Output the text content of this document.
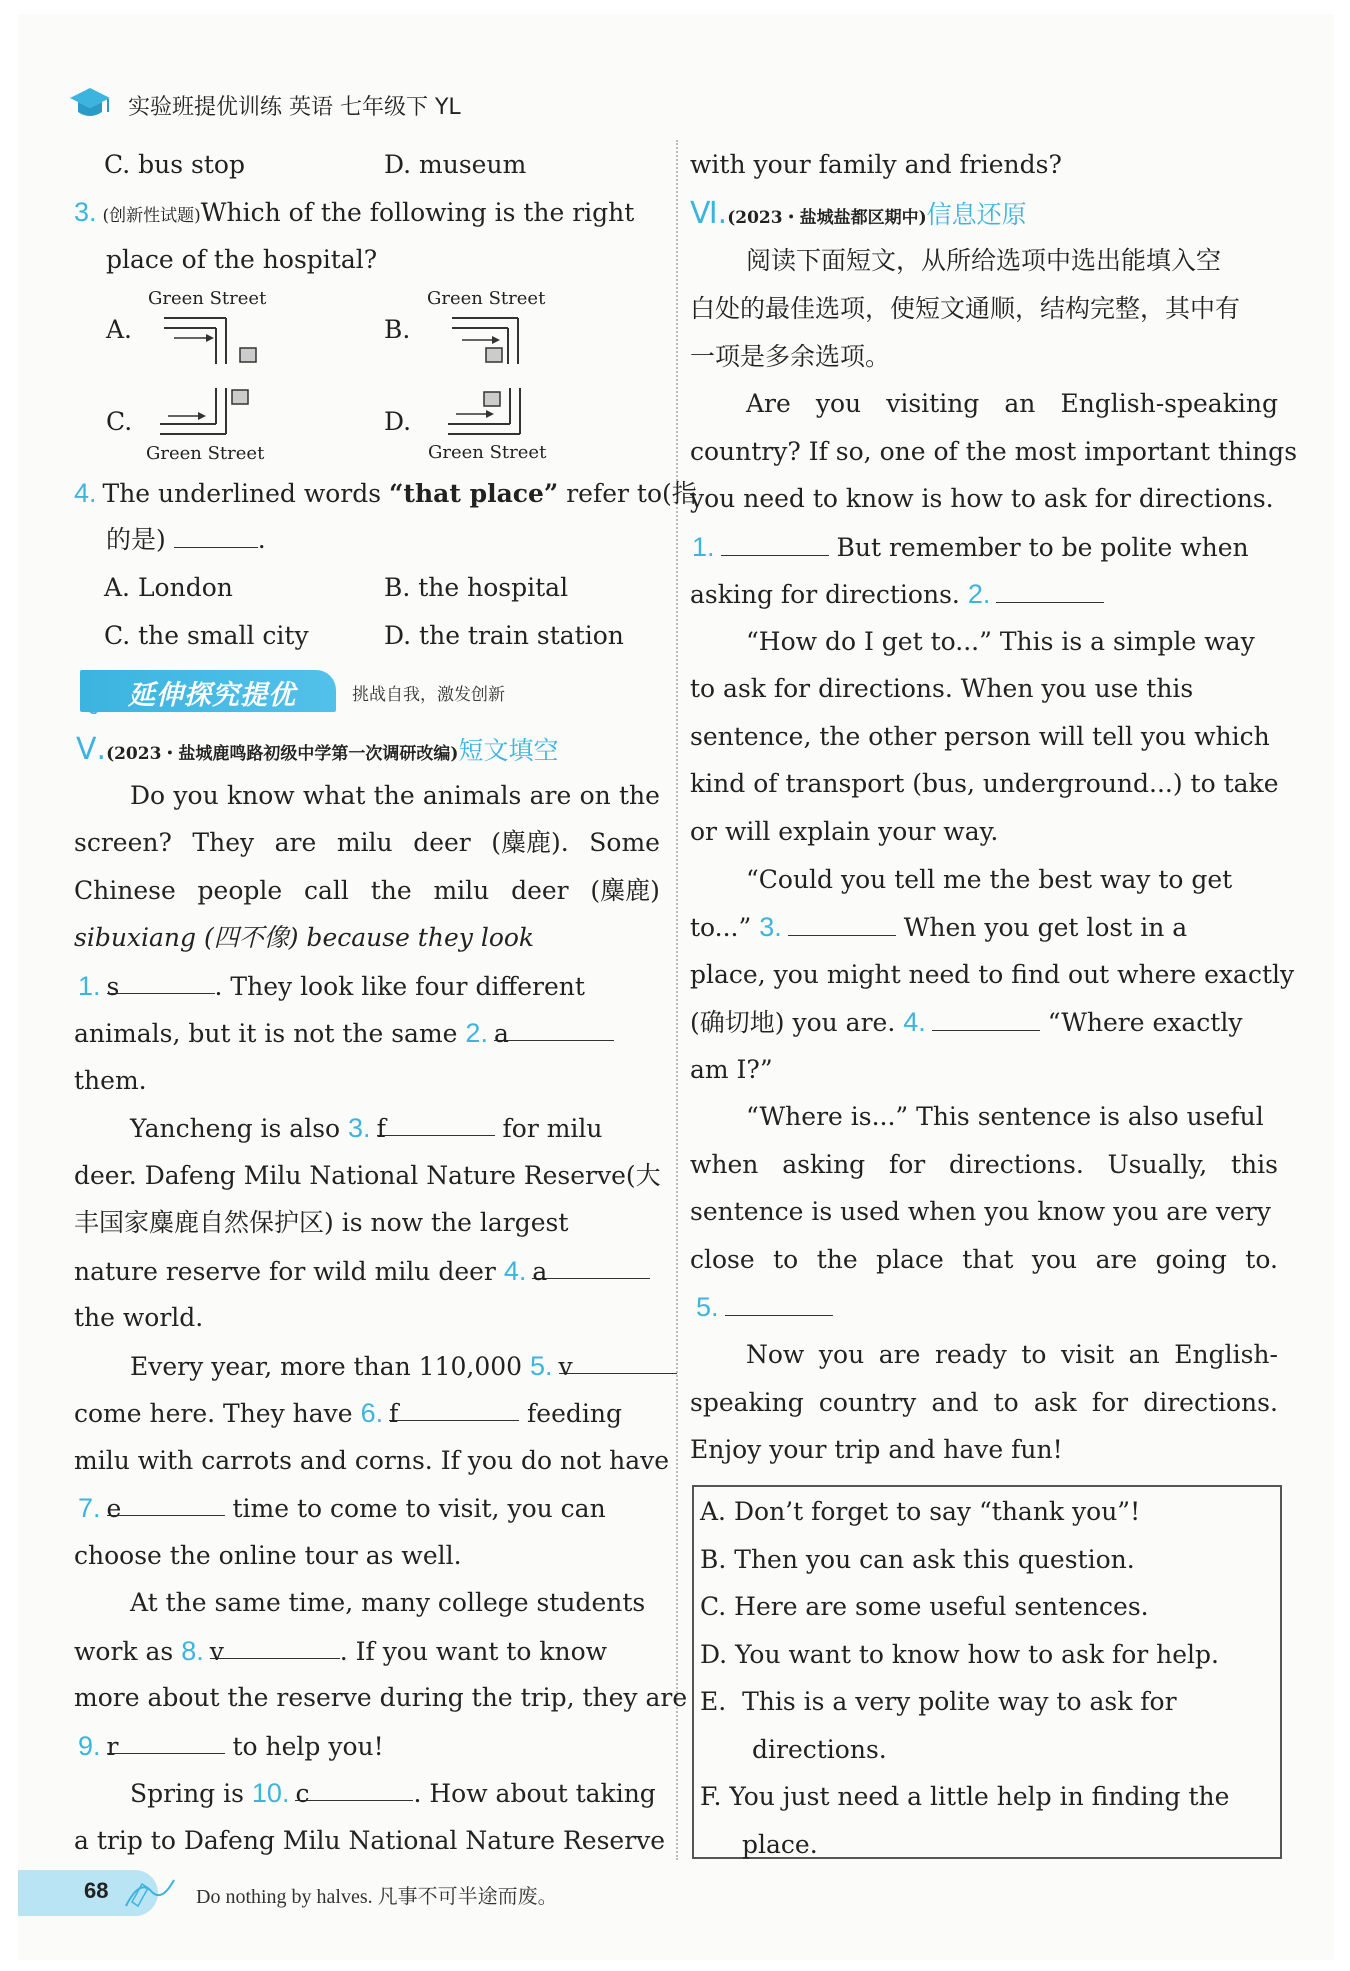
实验班提优训练 英语 七年级下 YL
C. bus stop	D. museum
3. (创新性试题)Which of the following is the right
place of the hospital?
Green Street
A.
Green Street
B.
C.
Green Street
D.
Green Street
4. The underlined words “that place” refer to(指
的是)	.
A. London	B. the hospital
C. the small city	D. the train station
延伸探究提优	挑战自我，激发创新
Ⅴ.(2023・盐城鹿鸣路初级中学第一次调研改编)短文填空
Do you know what the animals are on the
screen? They are milu deer (麋鹿). Some
Chinese people call the milu deer (麋鹿)
sibuxiang (四不像) because they look
1. s	. They look like four different
animals, but it is not the same 2. a
them.
Yancheng is also 3. f	for milu
deer. Dafeng Milu National Nature Reserve(大
丰国家麋鹿自然保护区) is now the largest
nature reserve for wild milu deer 4. a
the world.
Every year, more than 110,000 5. v
come here. They have 6. f	feeding
milu with carrots and corns. If you do not have
7. e	time to come to visit, you can
choose the online tour as well.
At the same time, many college students
work as 8. v	. If you want to know
more about the reserve during the trip, they are
9. r	to help you!
Spring is 10. c	. How about taking
a trip to Dafeng Milu National Nature Reserve
with your family and friends?
Ⅵ.(2023・盐城盐都区期中)信息还原
阅读下面短文，从所给选项中选出能填入空
白处的最佳选项，使短文通顺，结构完整，其中有
一项是多余选项。
Are you visiting an English-speaking
country? If so, one of the most important things
you need to know is how to ask for directions.
1.	But remember to be polite when
asking for directions. 2.
“How do I get to...” This is a simple way
to ask for directions. When you use this
sentence, the other person will tell you which
kind of transport (bus, underground...) to take
or will explain your way.
“Could you tell me the best way to get
to...” 3.	When you get lost in a
place, you might need to find out where exactly
(确切地) you are. 4.	“Where exactly
am I?”
“Where is...” This sentence is also useful
when asking for directions. Usually, this
sentence is used when you know you are very
close to the place that you are going to.
5.
Now you are ready to visit an English-
speaking country and to ask for directions.
Enjoy your trip and have fun!
A. Don’t forget to say “thank you”!
B. Then you can ask this question.
C. Here are some useful sentences.
D. You want to know how to ask for help.
E. This is a very polite way to ask for
directions.
F. You just need a little help in finding the
place.
68	Do nothing by halves. 凡事不可半途而废。
